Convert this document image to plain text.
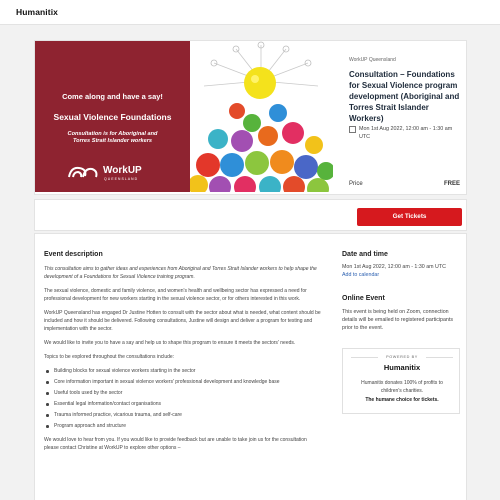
Humanitix
Come along and have a say!
Sexual Violence Foundations
Consultation is for Aboriginal and
Torres Strait Islander workers
WorkUP
QUEENSLAND
WorkUP Queensland
Consultation – Foundations for Sexual Violence program development (Aboriginal and Torres Strait Islander Workers)
Mon 1st Aug 2022, 12:00 am - 1:30 am UTC
Price	FREE
Get Tickets
Event description

This consultation aims to gather ideas and experiences from Aboriginal and Torres Strait Islander workers to help shape the development of a Foundations for Sexual Violence training program.

The sexual violence, domestic and family violence, and women's health and wellbeing sector has expressed a need for professional development for new workers starting in the sexual violence sector, or for others interested in this work.

WorkUP Queensland has engaged Dr Justine Hotten to consult with the sector about what is needed, what content should be included and how it should be delivered. Following consultations, Justine will design and deliver a program for testing and implementation with the sector.

We would like to invite you to have a say and help us to shape this program to ensure it meets the sectors' needs.

Topics to be explored throughout the consultations include:

Building blocks for sexual violence workers starting in the sector
Core information important in sexual violence workers' professional development and knowledge base
Useful tools used by the sector
Essential legal information/contact organisations
Trauma informed practice, vicarious trauma, and self-care
Program approach and structure

We would love to hear from you. If you would like to provide feedback but are unable to take join us for the consultation please contact Christine at WorkUP to explore other options –

Date and time
Mon 1st Aug 2022, 12:00 am - 1:30 am UTC
Add to calendar
Online Event
This event is being held on Zoom, connection details will be emailed to registered participants prior to the event.
POWERED BY
Humanitix
Humanitix donates 100% of profits to children's charities.
The humane choice for tickets.
